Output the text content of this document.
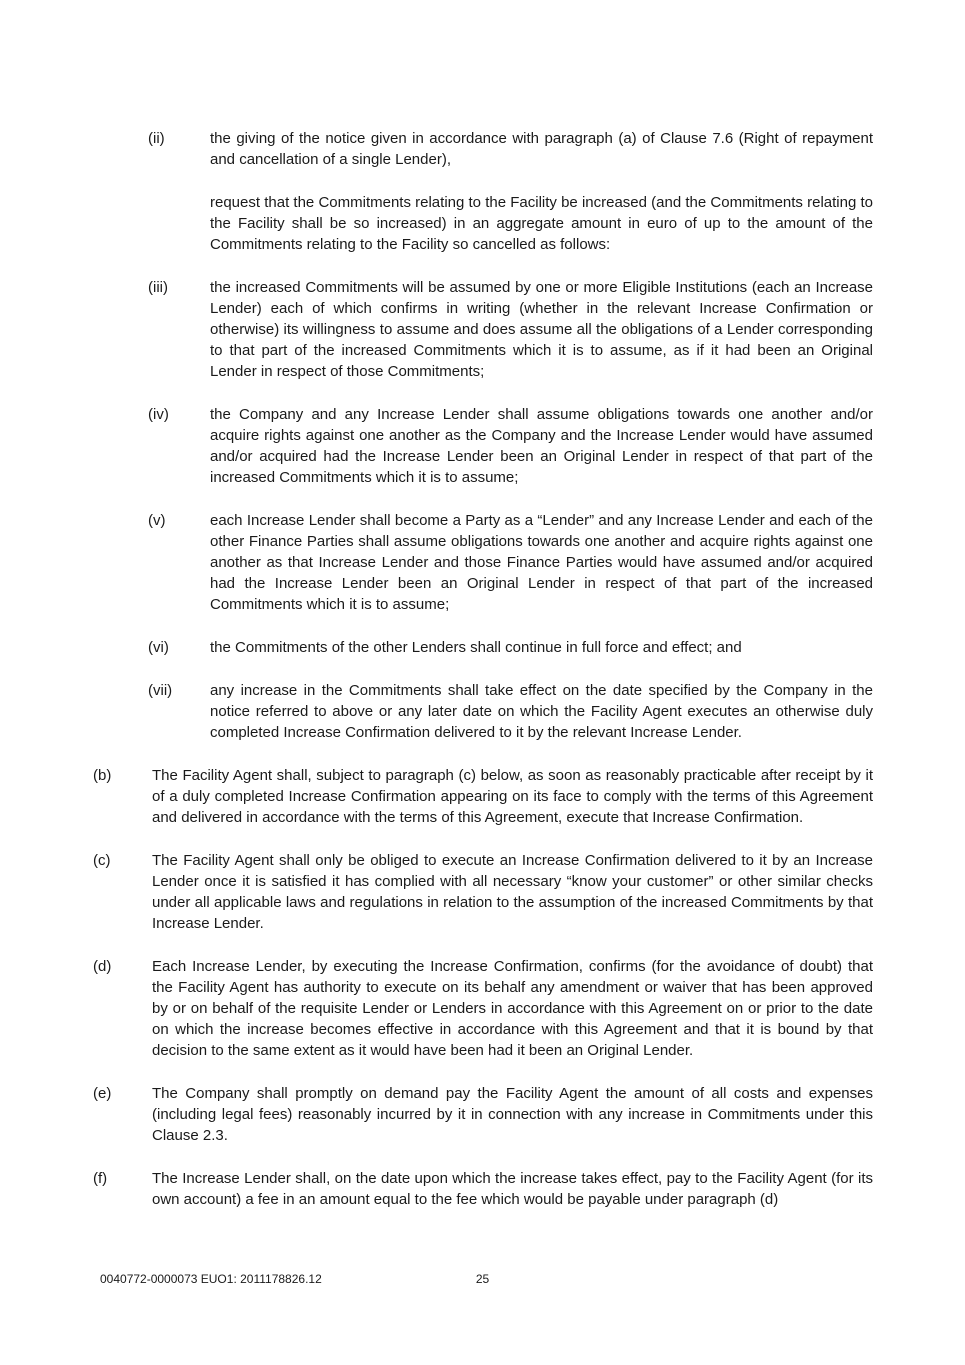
(ii)	the giving of the notice given in accordance with paragraph (a) of Clause 7.6 (Right of repayment and cancellation of a single Lender),
request that the Commitments relating to the Facility be increased (and the Commitments relating to the Facility shall be so increased) in an aggregate amount in euro of up to the amount of the Commitments relating to the Facility so cancelled as follows:
(iii)	the increased Commitments will be assumed by one or more Eligible Institutions (each an Increase Lender) each of which confirms in writing (whether in the relevant Increase Confirmation or otherwise) its willingness to assume and does assume all the obligations of a Lender corresponding to that part of the increased Commitments which it is to assume, as if it had been an Original Lender in respect of those Commitments;
(iv)	the Company and any Increase Lender shall assume obligations towards one another and/or acquire rights against one another as the Company and the Increase Lender would have assumed and/or acquired had the Increase Lender been an Original Lender in respect of that part of the increased Commitments which it is to assume;
(v)	each Increase Lender shall become a Party as a “Lender” and any Increase Lender and each of the other Finance Parties shall assume obligations towards one another and acquire rights against one another as that Increase Lender and those Finance Parties would have assumed and/or acquired had the Increase Lender been an Original Lender in respect of that part of the increased Commitments which it is to assume;
(vi)	the Commitments of the other Lenders shall continue in full force and effect; and
(vii)	any increase in the Commitments shall take effect on the date specified by the Company in the notice referred to above or any later date on which the Facility Agent executes an otherwise duly completed Increase Confirmation delivered to it by the relevant Increase Lender.
(b)	The Facility Agent shall, subject to paragraph (c) below, as soon as reasonably practicable after receipt by it of a duly completed Increase Confirmation appearing on its face to comply with the terms of this Agreement and delivered in accordance with the terms of this Agreement, execute that Increase Confirmation.
(c)	The Facility Agent shall only be obliged to execute an Increase Confirmation delivered to it by an Increase Lender once it is satisfied it has complied with all necessary “know your customer” or other similar checks under all applicable laws and regulations in relation to the assumption of the increased Commitments by that Increase Lender.
(d)	Each Increase Lender, by executing the Increase Confirmation, confirms (for the avoidance of doubt) that the Facility Agent has authority to execute on its behalf any amendment or waiver that has been approved by or on behalf of the requisite Lender or Lenders in accordance with this Agreement on or prior to the date on which the increase becomes effective in accordance with this Agreement and that it is bound by that decision to the same extent as it would have been had it been an Original Lender.
(e)	The Company shall promptly on demand pay the Facility Agent the amount of all costs and expenses (including legal fees) reasonably incurred by it in connection with any increase in Commitments under this Clause 2.3.
(f)	The Increase Lender shall, on the date upon which the increase takes effect, pay to the Facility Agent (for its own account) a fee in an amount equal to the fee which would be payable under paragraph (d)
0040772-0000073 EUO1: 2011178826.12	25
